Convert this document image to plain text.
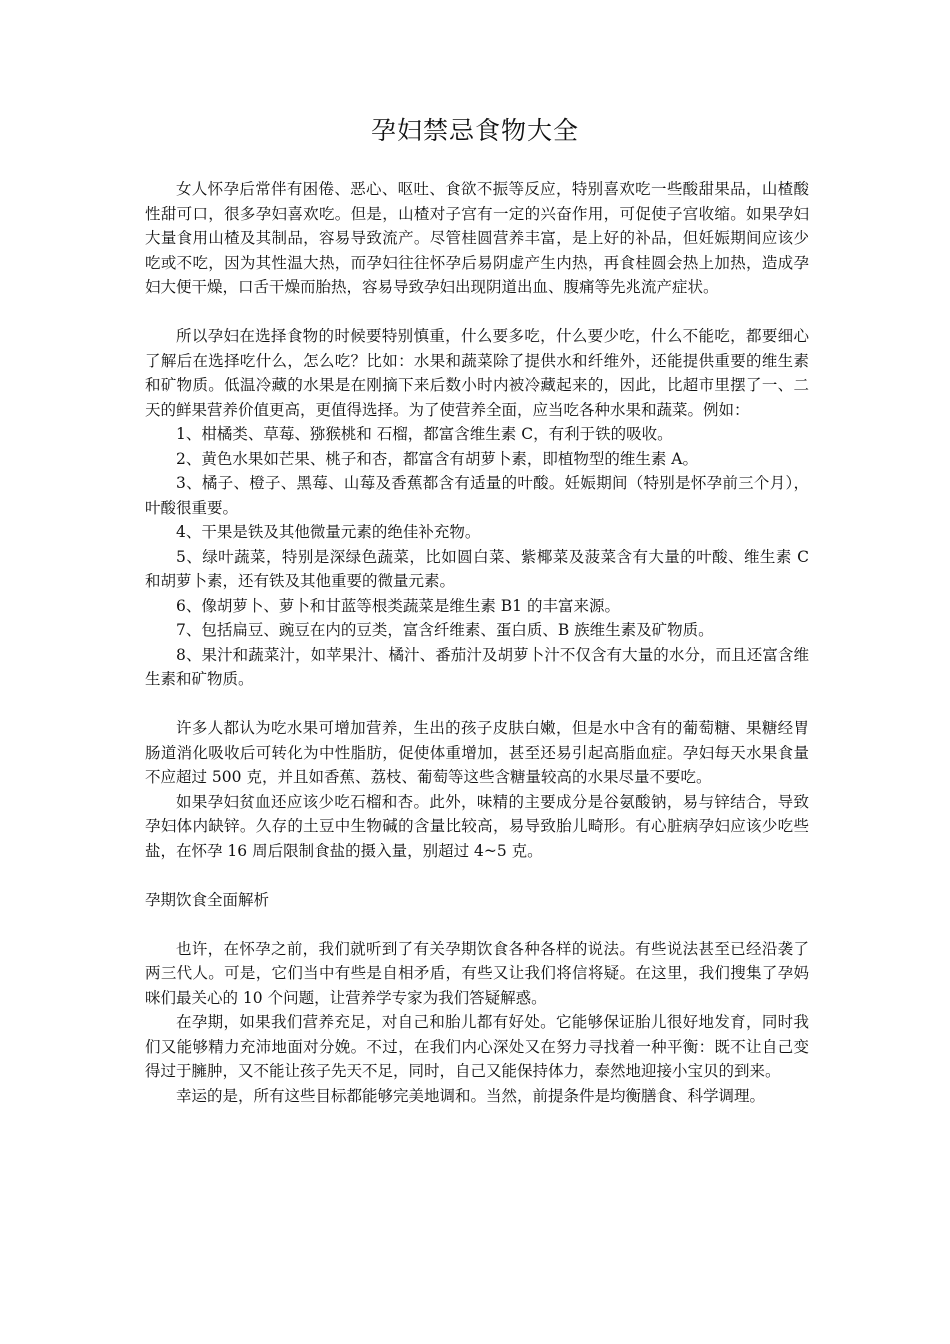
孕妇禁忌食物大全

女人怀孕后常伴有困倦、恶心、呕吐、食欲不振等反应，特别喜欢吃一些酸甜果品，山楂酸性甜可口，很多孕妇喜欢吃。但是，山楂对子宫有一定的兴奋作用，可促使子宫收缩。如果孕妇大量食用山楂及其制品，容易导致流产。尽管桂圆营养丰富，是上好的补品，但妊娠期间应该少吃或不吃，因为其性温大热，而孕妇往往怀孕后易阴虚产生内热，再食桂圆会热上加热，造成孕妇大便干燥，口舌干燥而胎热，容易导致孕妇出现阴道出血、腹痛等先兆流产症状。

所以孕妇在选择食物的时候要特别慎重，什么要多吃，什么要少吃，什么不能吃，都要细心了解后在选择吃什么，怎么吃？比如：水果和蔬菜除了提供水和纤维外，还能提供重要的维生素和矿物质。低温冷藏的水果是在刚摘下来后数小时内被冷藏起来的，因此，比超市里摆了一、二天的鲜果营养价值更高，更值得选择。为了使营养全面，应当吃各种水果和蔬菜。例如：

1、柑橘类、草莓、猕猴桃和 石榴，都富含维生素 C，有利于铁的吸收。

2、黄色水果如芒果、桃子和杏，都富含有胡萝卜素，即植物型的维生素 A。

3、橘子、橙子、黑莓、山莓及香蕉都含有适量的叶酸。妊娠期间（特别是怀孕前三个月），叶酸很重要。

4、干果是铁及其他微量元素的绝佳补充物。

5、绿叶蔬菜，特别是深绿色蔬菜，比如圆白菜、紫椰菜及菠菜含有大量的叶酸、维生素 C 和胡萝卜素，还有铁及其他重要的微量元素。

6、像胡萝卜、萝卜和甘蓝等根类蔬菜是维生素 B1 的丰富来源。

7、包括扁豆、豌豆在内的豆类，富含纤维素、蛋白质、B 族维生素及矿物质。

8、果汁和蔬菜汁，如苹果汁、橘汁、番茄汁及胡萝卜汁不仅含有大量的水分，而且还富含维生素和矿物质。

许多人都认为吃水果可增加营养，生出的孩子皮肤白嫩，但是水中含有的葡萄糖、果糖经胃肠道消化吸收后可转化为中性脂肪，促使体重增加，甚至还易引起高脂血症。孕妇每天水果食量不应超过 500 克，并且如香蕉、荔枝、葡萄等这些含糖量较高的水果尽量不要吃。

如果孕妇贫血还应该少吃石榴和杏。此外，味精的主要成分是谷氨酸钠，易与锌结合，导致孕妇体内缺锌。久存的土豆中生物碱的含量比较高，易导致胎儿畸形。有心脏病孕妇应该少吃些盐，在怀孕 16 周后限制食盐的摄入量，别超过 4~5 克。

孕期饮食全面解析

也许，在怀孕之前，我们就听到了有关孕期饮食各种各样的说法。有些说法甚至已经沿袭了两三代人。可是，它们当中有些是自相矛盾，有些又让我们将信将疑。在这里，我们搜集了孕妈咪们最关心的 10 个问题，让营养学专家为我们答疑解惑。

在孕期，如果我们营养充足，对自己和胎儿都有好处。它能够保证胎儿很好地发育，同时我们又能够精力充沛地面对分娩。不过，在我们内心深处又在努力寻找着一种平衡：既不让自己变得过于臃肿，又不能让孩子先天不足，同时，自己又能保持体力，泰然地迎接小宝贝的到来。

幸运的是，所有这些目标都能够完美地调和。当然，前提条件是均衡膳食、科学调理。
